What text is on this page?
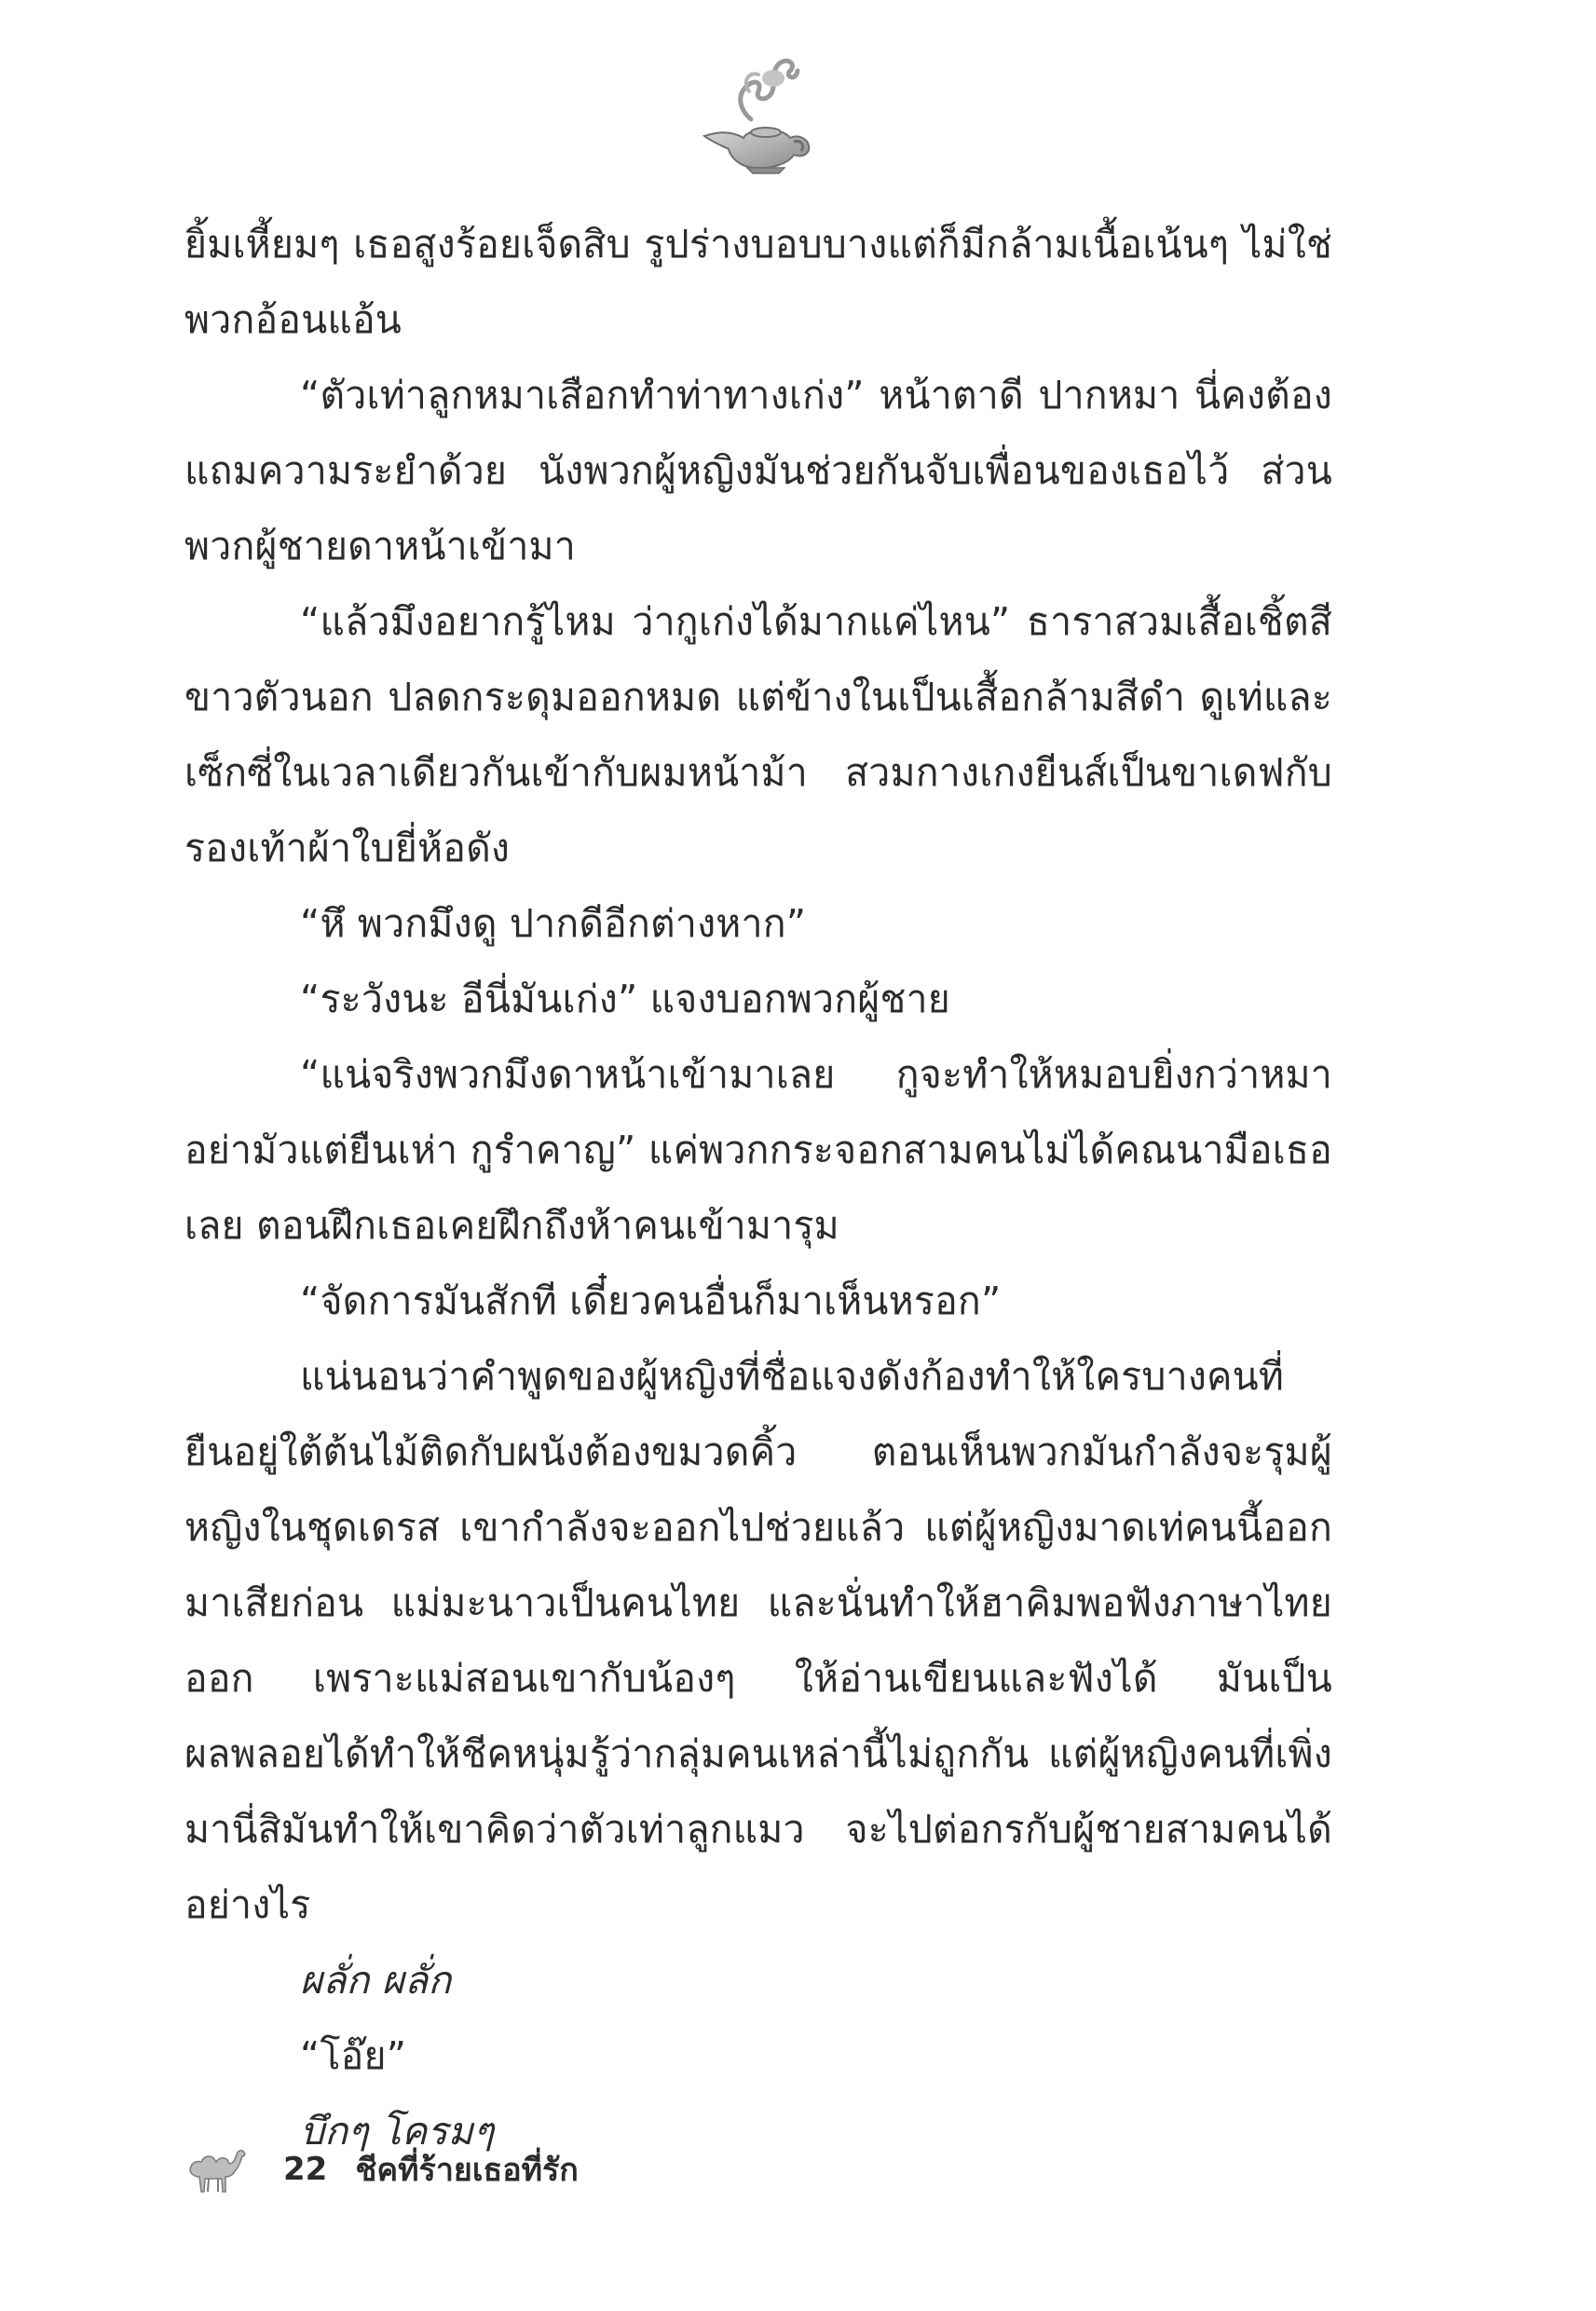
ยิ้มเหี้ยมๆ เธอสูงร้อยเจ็ดสิบ รูปร่างบอบบางแต่ก็มีกล้ามเนื้อเน้นๆ ไม่ใช่พวกอ้อนแอ้น

“ตัวเท่าลูกหมาเสือกทำท่าทางเก่ง” หน้าตาดี ปากหมา นี่คงต้องแถมความระยำด้วย นังพวกผู้หญิงมันช่วยกันจับเพื่อนของเธอไว้ ส่วนพวกผู้ชายดาหน้าเข้ามา

“แล้วมึงอยากรู้ไหม ว่ากูเก่งได้มากแค่ไหน” ธาราสวมเสื้อเชิ้ตสีขาวตัวนอก ปลดกระดุมออกหมด แต่ข้างในเป็นเสื้อกล้ามสีดำ ดูเท่และเซ็กซี่ในเวลาเดียวกันเข้ากับผมหน้าม้า สวมกางเกงยีนส์เป็นขาเดฟกับรองเท้าผ้าใบยี่ห้อดัง

“หึ พวกมึงดู ปากดีอีกต่างหาก”

“ระวังนะ อีนี่มันเก่ง” แจงบอกพวกผู้ชาย

“แน่จริงพวกมึงดาหน้าเข้ามาเลย กูจะทำให้หมอบยิ่งกว่าหมา อย่ามัวแต่ยืนเห่า กูรำคาญ” แค่พวกกระจอกสามคนไม่ได้คณนามือเธอเลย ตอนฝึกเธอเคยฝึกถึงห้าคนเข้ามารุม

“จัดการมันสักที เดี๋ยวคนอื่นก็มาเห็นหรอก”

แน่นอนว่าคำพูดของผู้หญิงที่ชื่อแจงดังก้องทำให้ใครบางคนที่ยืนอยู่ใต้ต้นไม้ติดกับผนังต้องขมวดคิ้ว ตอนเห็นพวกมันกำลังจะรุมผู้หญิงในชุดเดรส เขากำลังจะออกไปช่วยแล้ว แต่ผู้หญิงมาดเท่คนนี้ออกมาเสียก่อน แม่มะนาวเป็นคนไทย และนั่นทำให้ฮาคิมพอฟังภาษาไทยออก เพราะแม่สอนเขากับน้องๆ ให้อ่านเขียนและฟังได้ มันเป็นผลพลอยได้ทำให้ชีคหนุ่มรู้ว่ากลุ่มคนเหล่านี้ไม่ถูกกัน แต่ผู้หญิงคนที่เพิ่งมานี่สิมันทำให้เขาคิดว่าตัวเท่าลูกแมว จะไปต่อกรกับผู้ชายสามคนได้อย่างไร

ผลั่ก ผลั่ก

“โอ๊ย”

บึกๆ โครมๆ

22 ชีคที่ร้ายเธอที่รัก
